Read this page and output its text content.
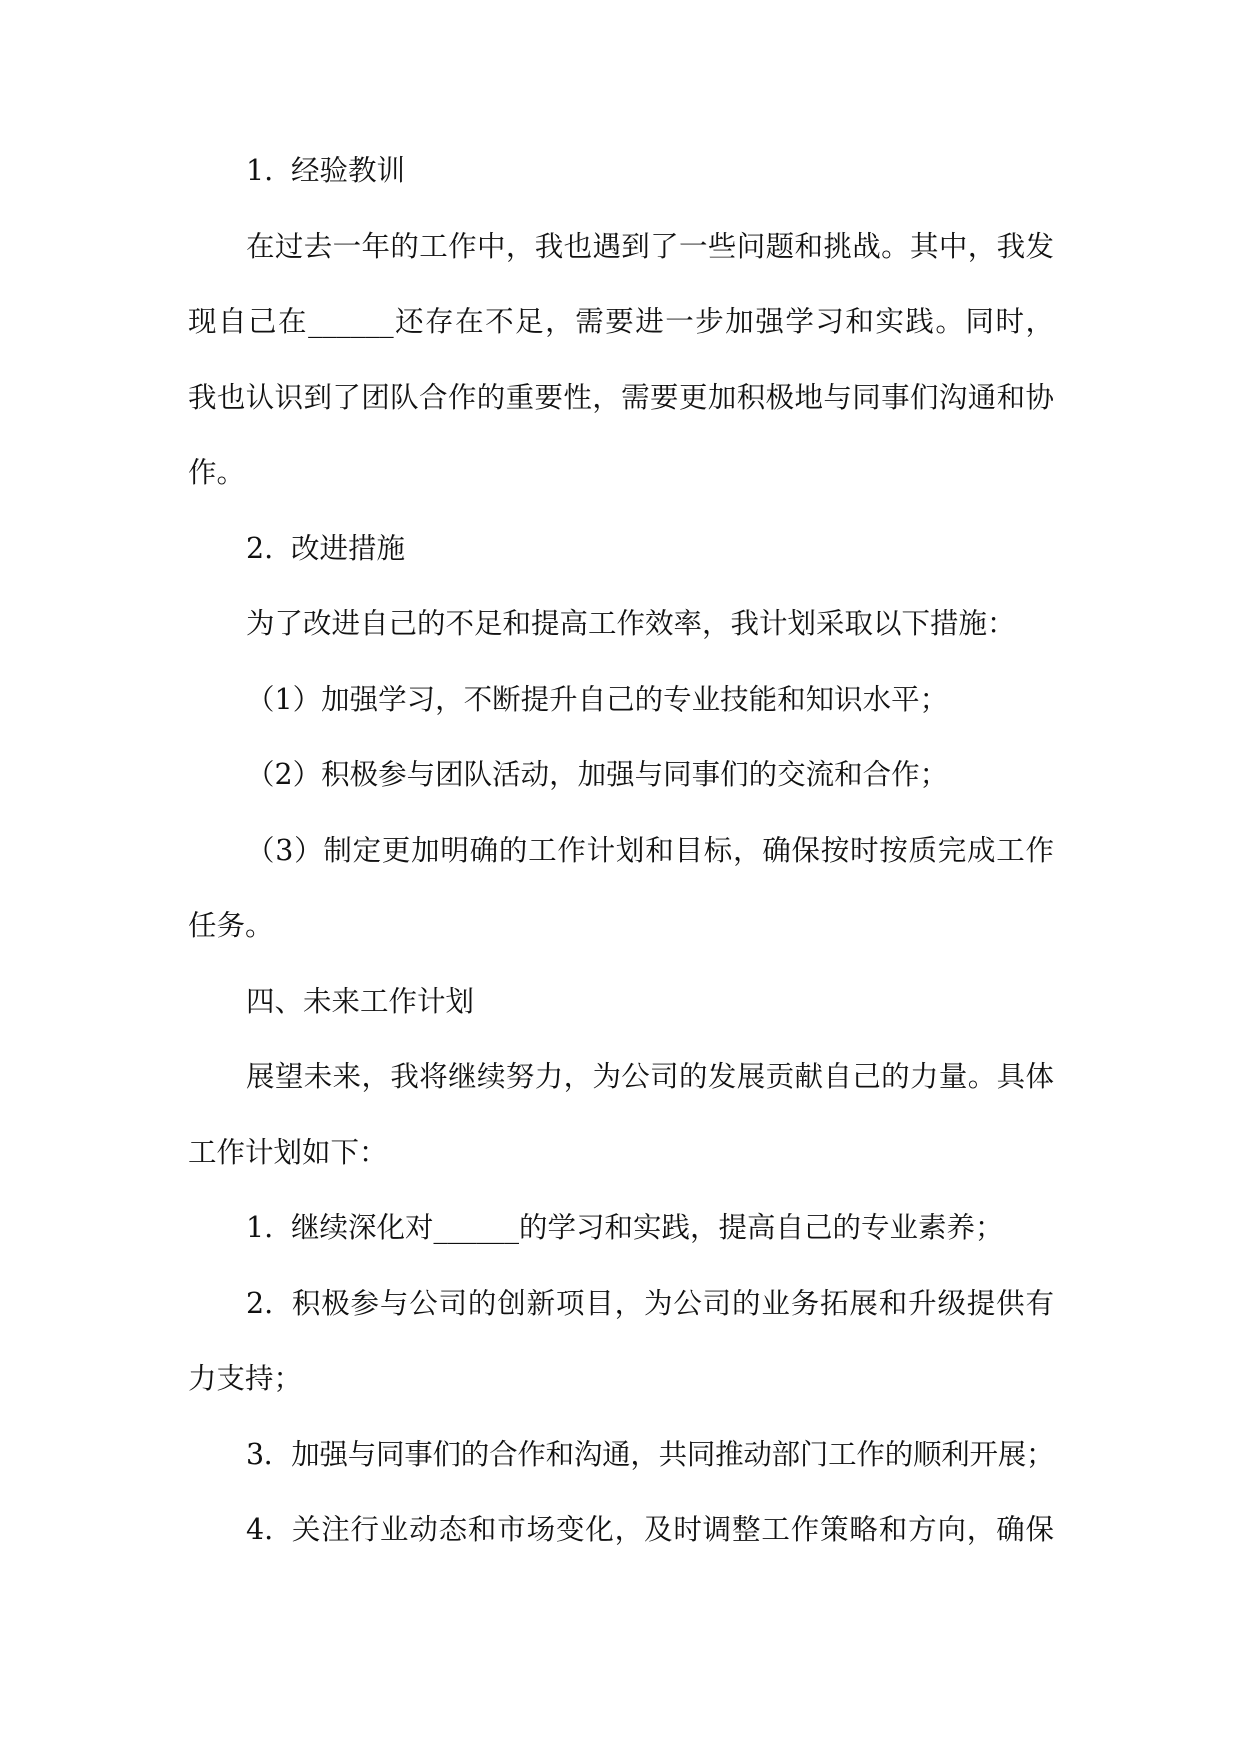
1. 经验教训
在过去一年的工作中，我也遇到了一些问题和挑战。其中，我发
现自己在______还存在不足，需要进一步加强学习和实践。同时，
我也认识到了团队合作的重要性，需要更加积极地与同事们沟通和协
作。
2. 改进措施
为了改进自己的不足和提高工作效率，我计划采取以下措施：
（1）加强学习，不断提升自己的专业技能和知识水平；
（2）积极参与团队活动，加强与同事们的交流和合作；
（3）制定更加明确的工作计划和目标，确保按时按质完成工作
任务。
四、未来工作计划
展望未来，我将继续努力，为公司的发展贡献自己的力量。具体
工作计划如下：
1. 继续深化对______的学习和实践，提高自己的专业素养；
2. 积极参与公司的创新项目，为公司的业务拓展和升级提供有
力支持；
3. 加强与同事们的合作和沟通，共同推动部门工作的顺利开展；
4. 关注行业动态和市场变化，及时调整工作策略和方向，确保
